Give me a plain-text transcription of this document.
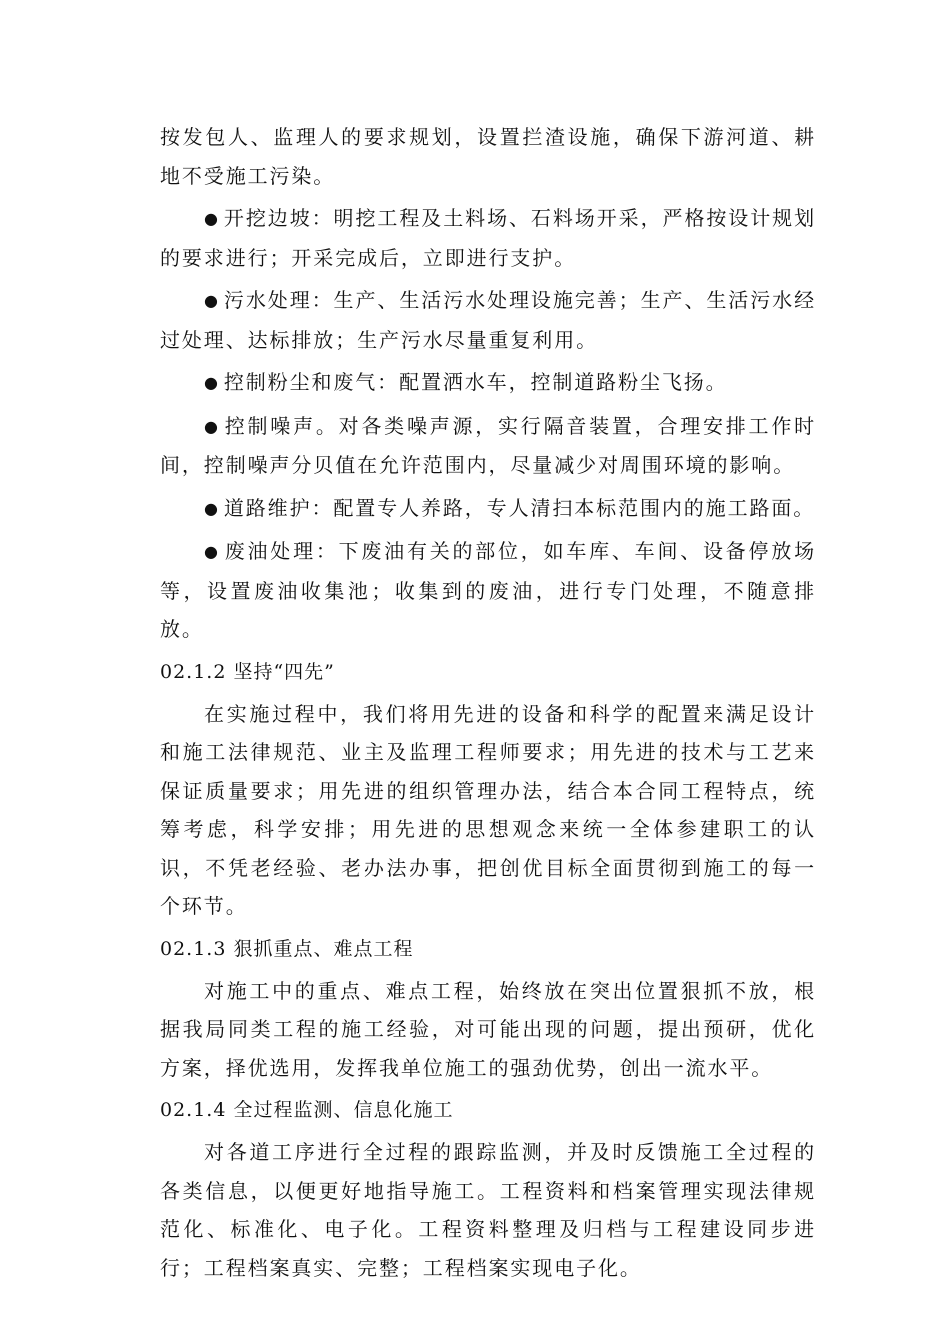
按发包人、监理人的要求规划，设置拦渣设施，确保下游河道、耕地不受施工污染。

● 开挖边坡：明挖工程及土料场、石料场开采，严格按设计规划的要求进行；开采完成后，立即进行支护。

● 污水处理：生产、生活污水处理设施完善；生产、生活污水经过处理、达标排放；生产污水尽量重复利用。

● 控制粉尘和废气：配置洒水车，控制道路粉尘飞扬。

● 控制噪声。对各类噪声源，实行隔音装置，合理安排工作时间，控制噪声分贝值在允许范围内，尽量减少对周围环境的影响。

● 道路维护：配置专人养路，专人清扫本标范围内的施工路面。

● 废油处理：下废油有关的部位，如车库、车间、设备停放场等，设置废油收集池；收集到的废油，进行专门处理，不随意排放。

02.1.2 坚持“四先”

在实施过程中，我们将用先进的设备和科学的配置来满足设计和施工法律规范、业主及监理工程师要求；用先进的技术与工艺来保证质量要求；用先进的组织管理办法，结合本合同工程特点，统筹考虑，科学安排；用先进的思想观念来统一全体参建职工的认识，不凭老经验、老办法办事，把创优目标全面贯彻到施工的每一个环节。

02.1.3 狠抓重点、难点工程

对施工中的重点、难点工程，始终放在突出位置狠抓不放，根据我局同类工程的施工经验，对可能出现的问题，提出预研，优化方案，择优选用，发挥我单位施工的强劲优势，创出一流水平。

02.1.4 全过程监测、信息化施工

对各道工序进行全过程的跟踪监测，并及时反馈施工全过程的各类信息，以便更好地指导施工。工程资料和档案管理实现法律规范化、标准化、电子化。工程资料整理及归档与工程建设同步进行；工程档案真实、完整；工程档案实现电子化。
